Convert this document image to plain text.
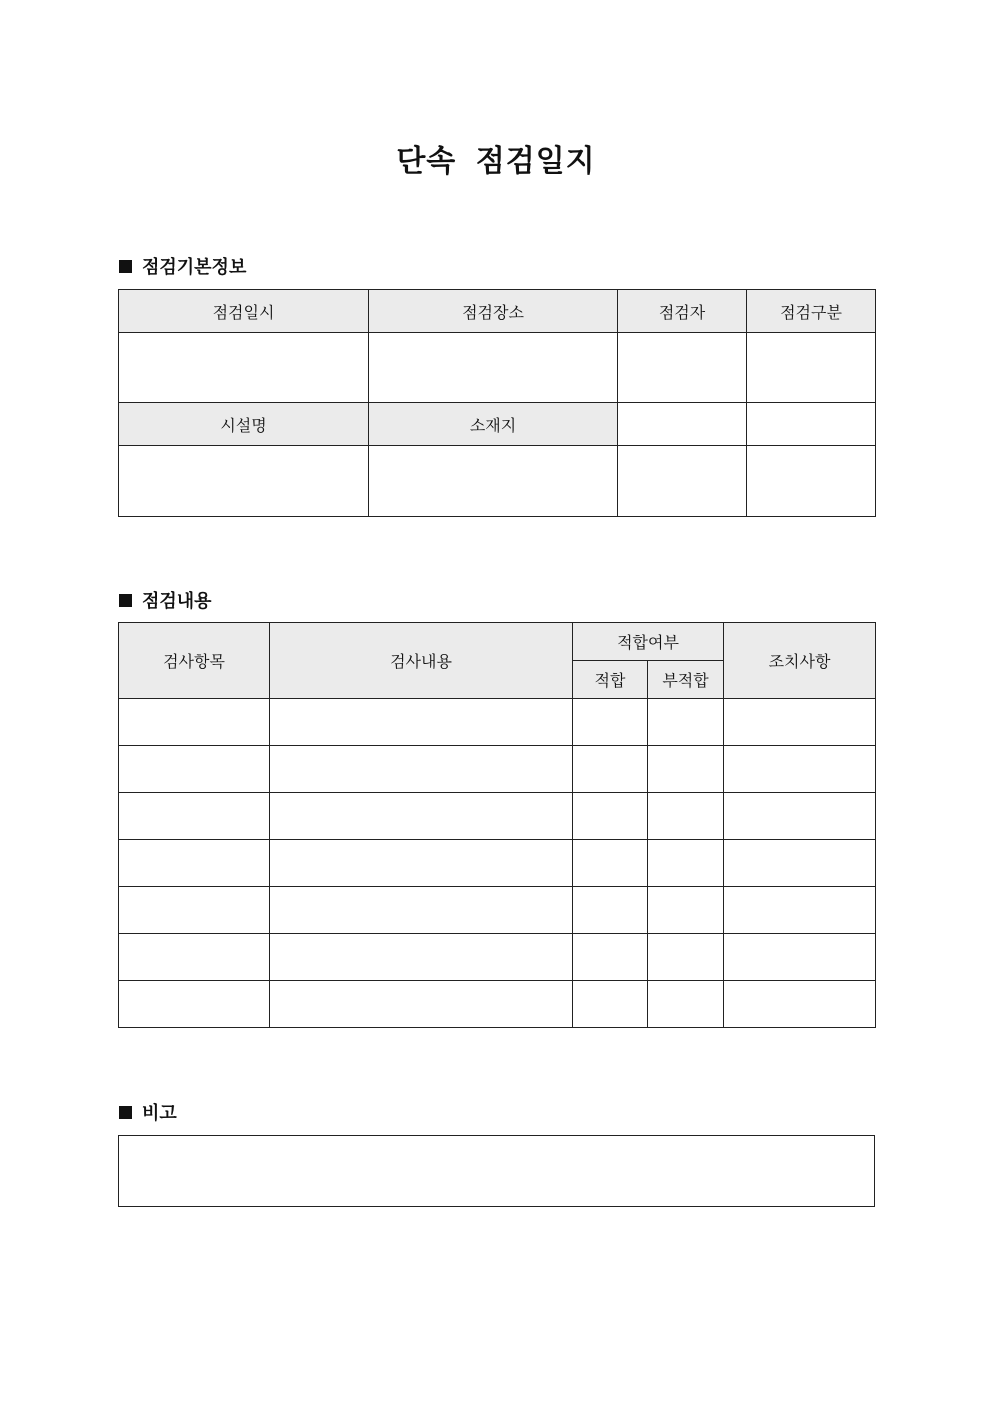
단속 점검일지
점검기본정보
점검일시	점검장소	점검자	점검구분

시설명	소재지		

점검내용
검사항목	검사내용	적합여부		조치사항
		적합	부적합	

비고
